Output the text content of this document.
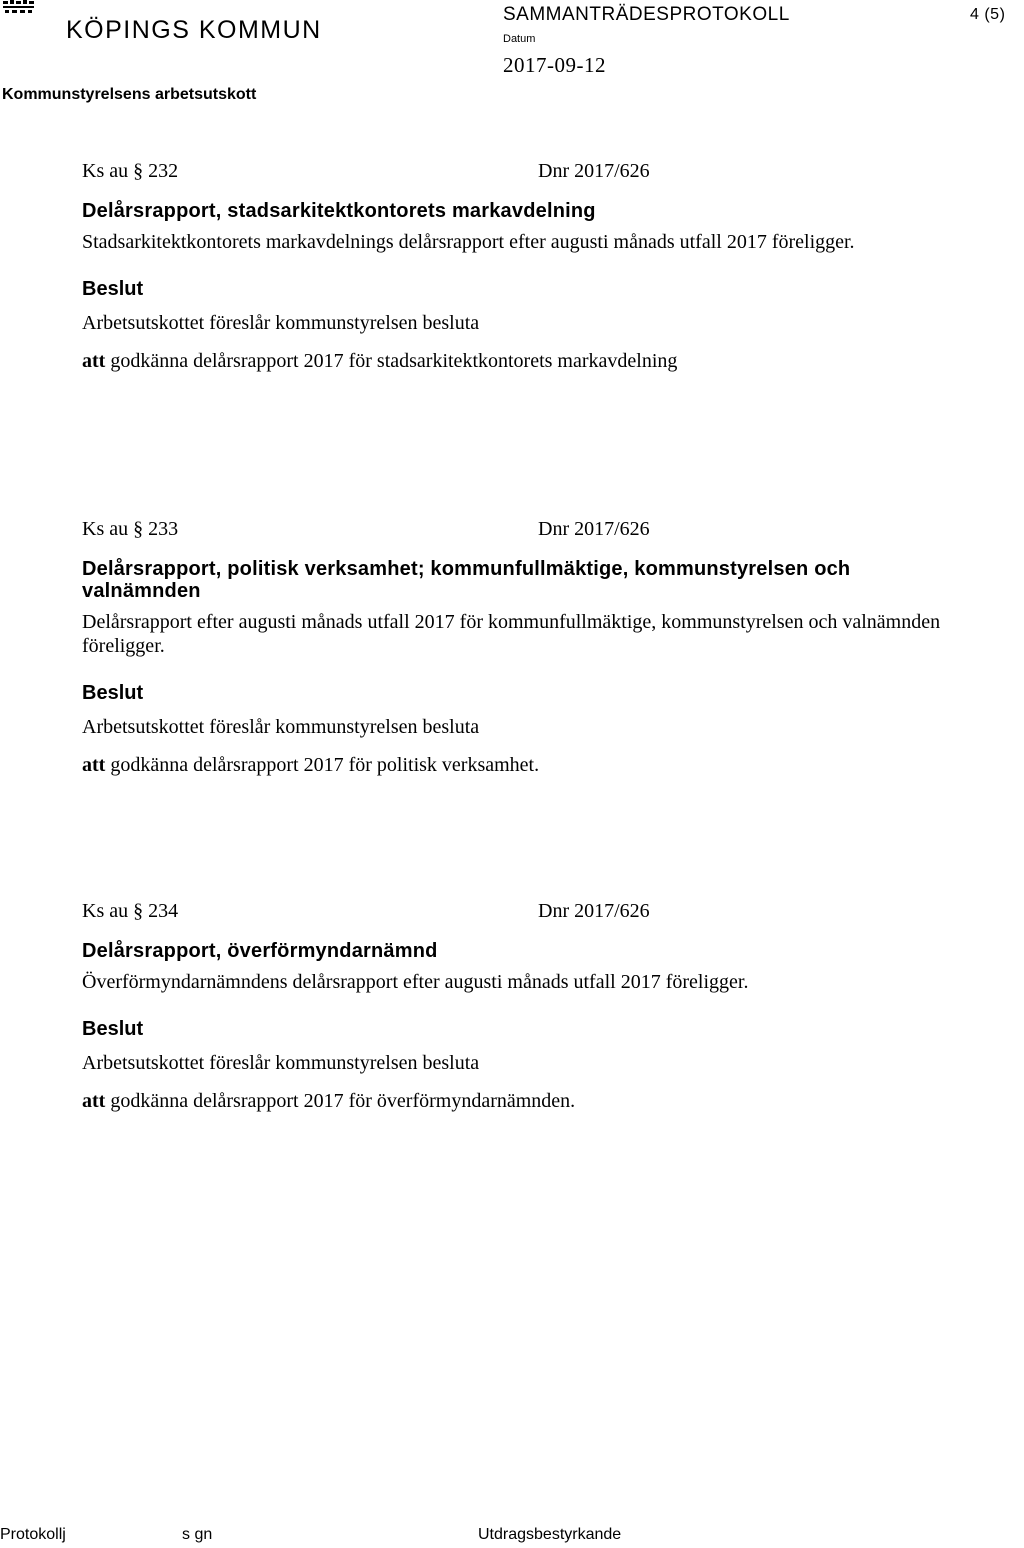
KÖPINGS KOMMUN
Kommunstyrelsens arbetsutskott
SAMMANTRÄDESPROTOKOLL	4 (5)
Datum
2017-09-12
Ks au § 232	Dnr 2017/626
Delårsrapport, stadsarkitektkontorets markavdelning
Stadsarkitektkontorets markavdelnings delårsrapport efter augusti månads utfall 2017 föreligger.
Beslut
Arbetsutskottet föreslår kommunstyrelsen besluta
att godkänna delårsrapport 2017 för stadsarkitektkontorets markavdelning
Ks au § 233	Dnr 2017/626
Delårsrapport, politisk verksamhet; kommunfullmäktige, kommunstyrelsen och valnämnden
Delårsrapport efter augusti månads utfall 2017 för kommunfullmäktige, kommunstyrelsen och valnämnden föreligger.
Beslut
Arbetsutskottet föreslår kommunstyrelsen besluta
att godkänna delårsrapport 2017 för politisk verksamhet.
Ks au § 234	Dnr 2017/626
Delårsrapport, överförmyndarnämnd
Överförmyndarnämndens delårsrapport efter augusti månads utfall 2017 föreligger.
Beslut
Arbetsutskottet föreslår kommunstyrelsen besluta
att godkänna delårsrapport 2017 för överförmyndarnämnden.
Protokollj	s gn	Utdragsbestyrkande
